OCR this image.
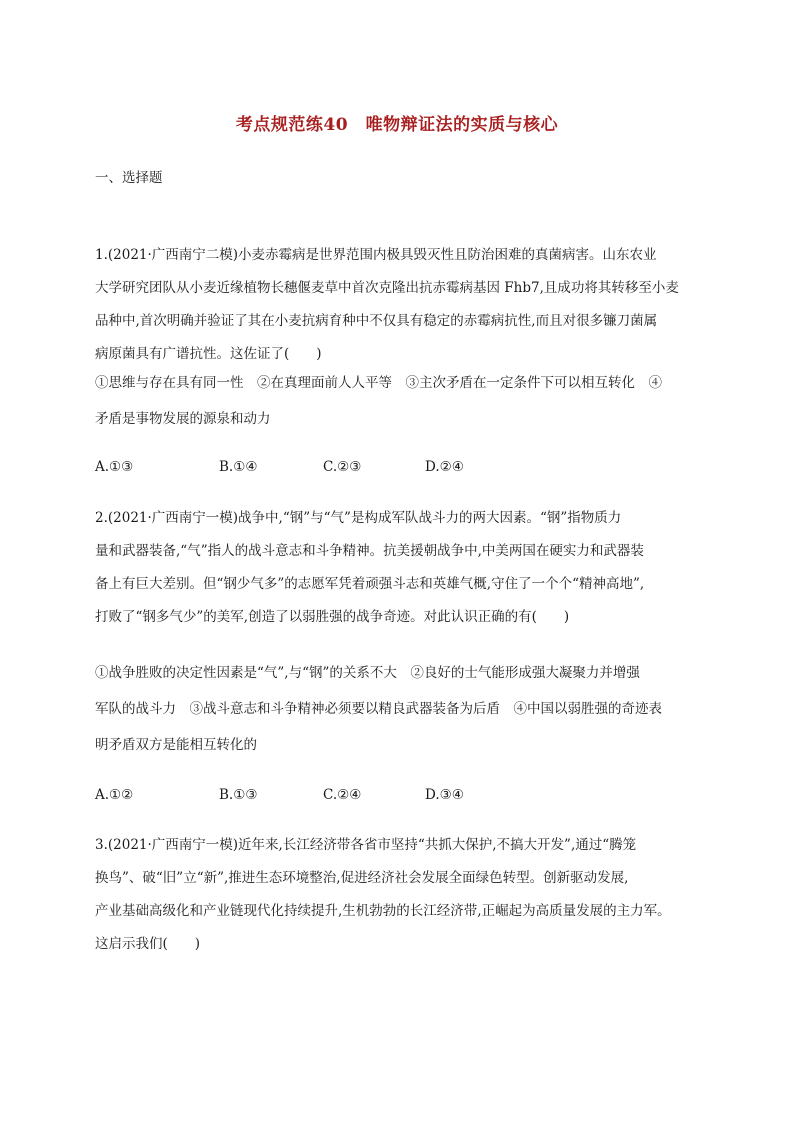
考点规范练40　唯物辩证法的实质与核心
一、选择题
1.(2021·广西南宁二模)小麦赤霉病是世界范围内极具毁灭性且防治困难的真菌病害。山东农业
大学研究团队从小麦近缘植物长穗偃麦草中首次克隆出抗赤霉病基因 Fhb7,且成功将其转移至小麦
品种中,首次明确并验证了其在小麦抗病育种中不仅具有稳定的赤霉病抗性,而且对很多镰刀菌属
病原菌具有广谱抗性。这佐证了(　　)
①思维与存在具有同一性　②在真理面前人人平等　③主次矛盾在一定条件下可以相互转化　④
矛盾是事物发展的源泉和动力
A.①③	B.①④	C.②③	D.②④
2.(2021·广西南宁一模)战争中,“钢”与“气”是构成军队战斗力的两大因素。“钢”指物质力
量和武器装备,“气”指人的战斗意志和斗争精神。抗美援朝战争中,中美两国在硬实力和武器装
备上有巨大差别。但“钢少气多”的志愿军凭着顽强斗志和英雄气概,守住了一个个“精神高地”,
打败了“钢多气少”的美军,创造了以弱胜强的战争奇迹。对此认识正确的有(　　)
①战争胜败的决定性因素是“气”,与“钢”的关系不大　②良好的士气能形成强大凝聚力并增强
军队的战斗力　③战斗意志和斗争精神必须要以精良武器装备为后盾　④中国以弱胜强的奇迹表
明矛盾双方是能相互转化的
A.①②	B.①③	C.②④	D.③④
3.(2021·广西南宁一模)近年来,长江经济带各省市坚持“共抓大保护,不搞大开发”,通过“腾笼
换鸟”、破“旧”立“新”,推进生态环境整治,促进经济社会发展全面绿色转型。创新驱动发展,
产业基础高级化和产业链现代化持续提升,生机勃勃的长江经济带,正崛起为高质量发展的主力军。
这启示我们(　　)
